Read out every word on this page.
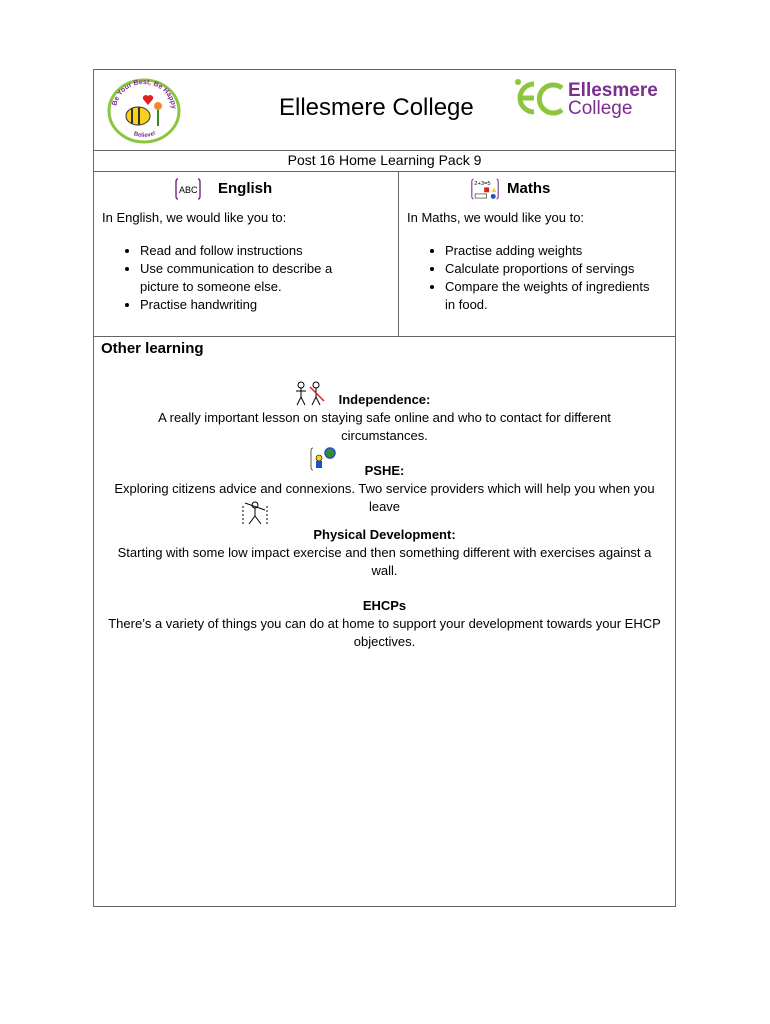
Be Your Best, Be Happy
Believe!
Ellesmere College
Ellesmere
College
Post 16 Home Learning Pack 9
ABC English
In English, we would like you to:
• Read and follow instructions
• Use communication to describe a picture to someone else.
• Practise handwriting
2+3=5 Maths
In Maths, we would like you to:
• Practise adding weights
• Calculate proportions of servings
• Compare the weights of ingredients in food.
Other learning
Independence:
A really important lesson on staying safe online and who to contact for different circumstances.
PSHE:
Exploring citizens advice and connexions. Two service providers which will help you when you leave
Physical Development:
Starting with some low impact exercise and then something different with exercises against a wall.
EHCPs
There’s a variety of things you can do at home to support your development towards your EHCP objectives.
